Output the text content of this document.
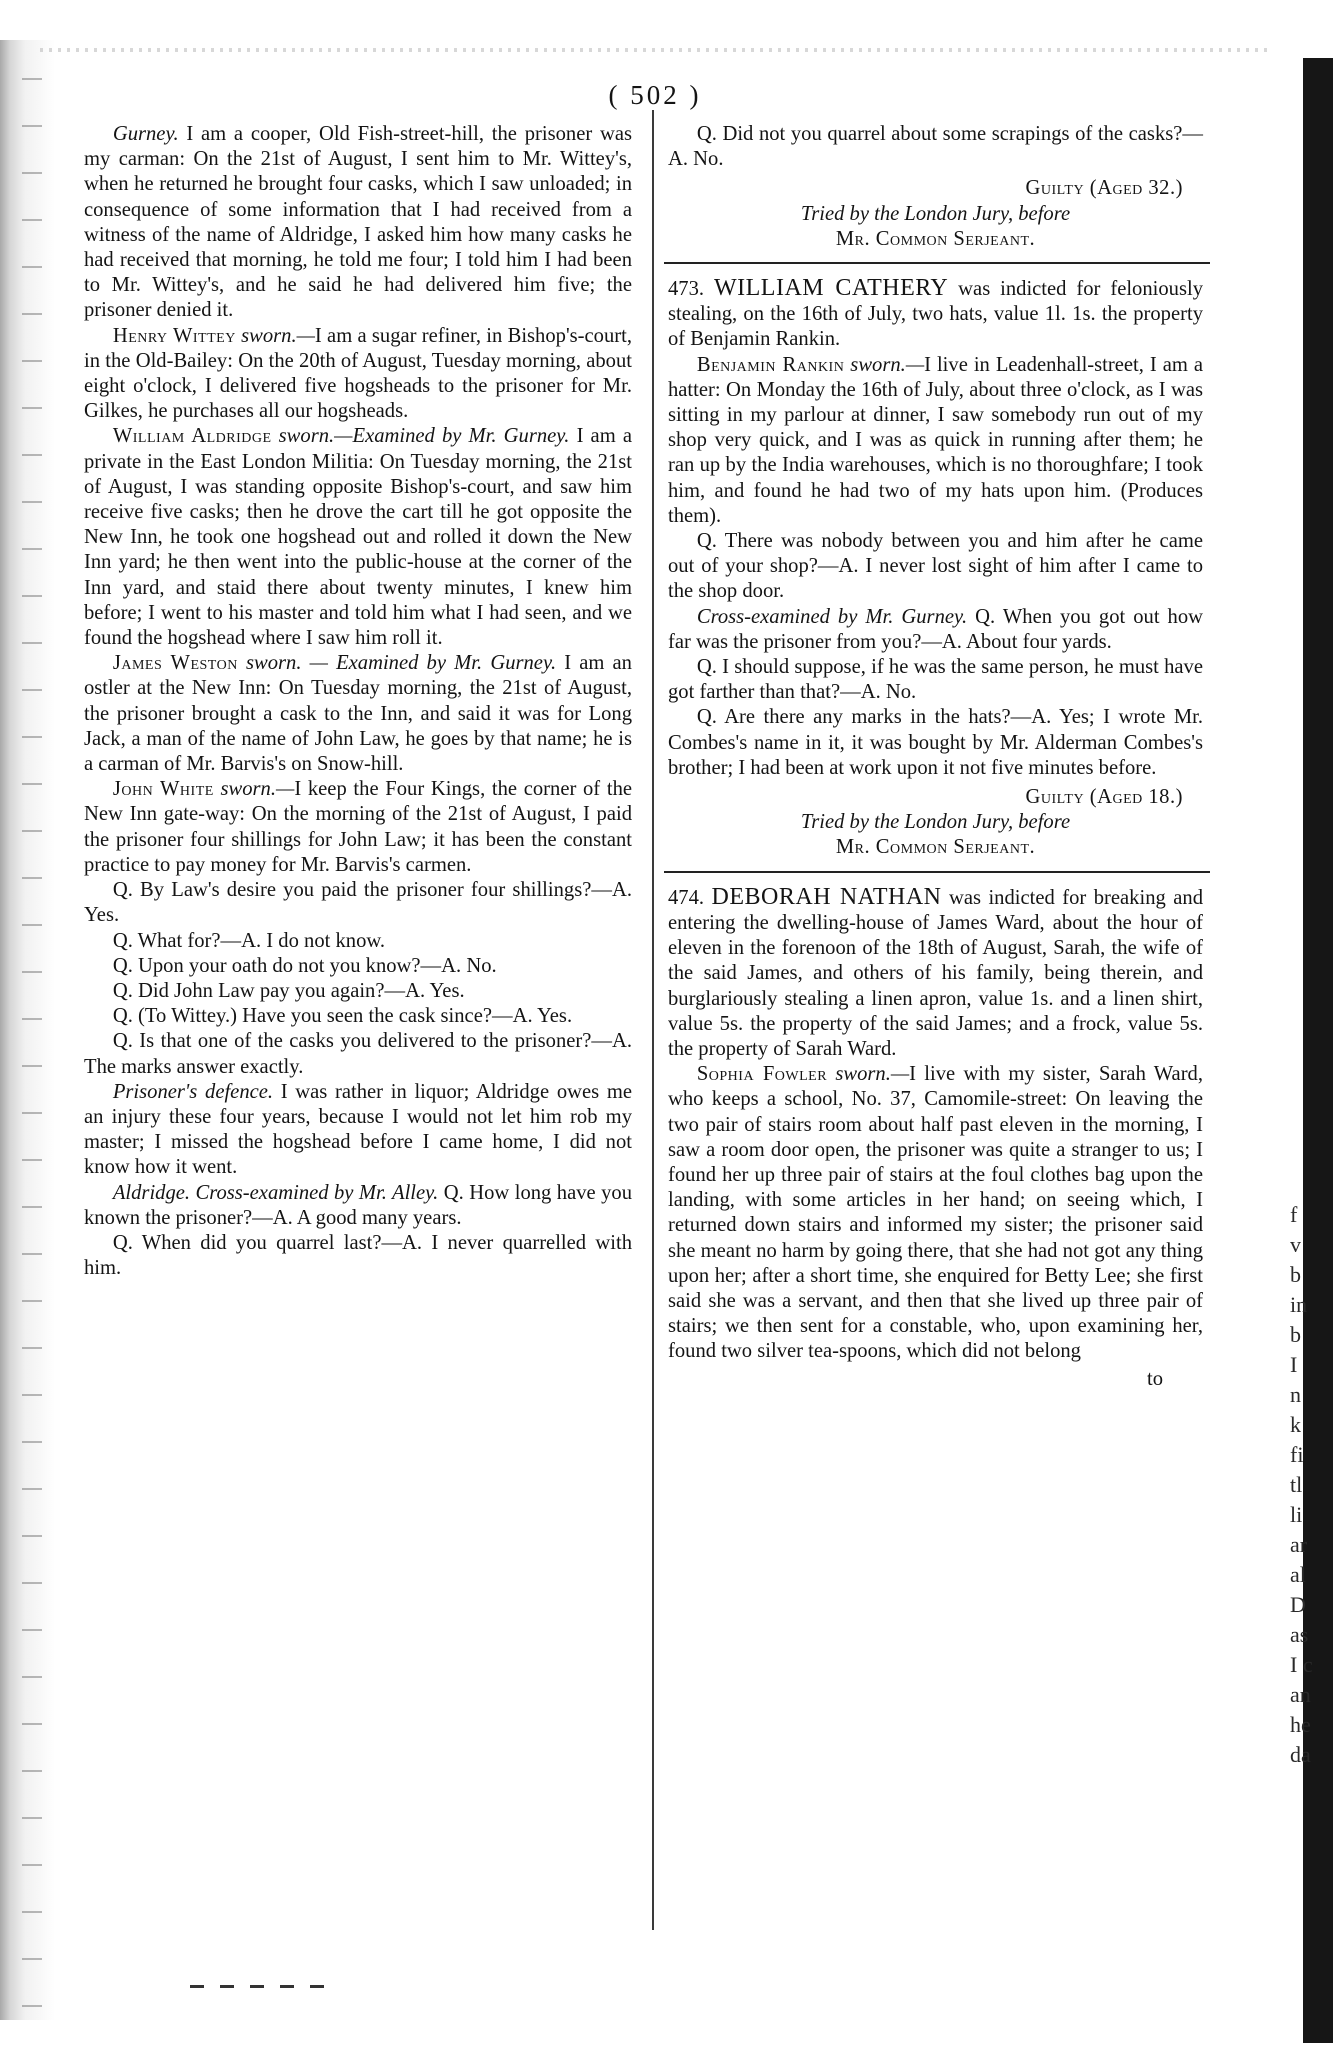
( 502 )

Gurney. I am a cooper, Old Fish-street-hill, the prisoner was my carman: On the 21st of August, I sent him to Mr. Wittey's, when he returned he brought four casks, which I saw unloaded; in consequence of some information that I had received from a witness of the name of Aldridge, I asked him how many casks he had received that morning, he told me four; I told him I had been to Mr. Wittey's, and he said he had delivered him five; the prisoner denied it.

Henry Wittey sworn.—I am a sugar refiner, in Bishop's-court, in the Old-Bailey: On the 20th of August, Tuesday morning, about eight o'clock, I delivered five hogsheads to the prisoner for Mr. Gilkes, he purchases all our hogsheads.

William Aldridge sworn.—Examined by Mr. Gurney. I am a private in the East London Militia: On Tuesday morning, the 21st of August, I was standing opposite Bishop's-court, and saw him receive five casks; then he drove the cart till he got opposite the New Inn, he took one hogshead out and rolled it down the New Inn yard; he then went into the public-house at the corner of the Inn yard, and staid there about twenty minutes, I knew him before; I went to his master and told him what I had seen, and we found the hogshead where I saw him roll it.

James Weston sworn. — Examined by Mr. Gurney. I am an ostler at the New Inn: On Tuesday morning, the 21st of August, the prisoner brought a cask to the Inn, and said it was for Long Jack, a man of the name of John Law, he goes by that name; he is a carman of Mr. Barvis's on Snow-hill.

John White sworn.—I keep the Four Kings, the corner of the New Inn gate-way: On the morning of the 21st of August, I paid the prisoner four shillings for John Law; it has been the constant practice to pay money for Mr. Barvis's carmen.

Q. By Law's desire you paid the prisoner four shillings?—A. Yes.

Q. What for?—A. I do not know.

Q. Upon your oath do not you know?—A. No.

Q. Did John Law pay you again?—A. Yes.

Q. (To Wittey.) Have you seen the cask since?—A. Yes.

Q. Is that one of the casks you delivered to the prisoner?—A. The marks answer exactly.

Prisoner's defence. I was rather in liquor; Aldridge owes me an injury these four years, because I would not let him rob my master; I missed the hogshead before I came home, I did not know how it went.

Aldridge. Cross-examined by Mr. Alley. Q. How long have you known the prisoner?—A. A good many years.

Q. When did you quarrel last?—A. I never quarrelled with him.

Q. Did not you quarrel about some scrapings of the casks?—A. No.

Guilty (Aged 32.)
Tried by the London Jury, before
Mr. Common Serjeant.

473. WILLIAM CATHERY was indicted for feloniously stealing, on the 16th of July, two hats, value 1l. 1s. the property of Benjamin Rankin.

Benjamin Rankin sworn.—I live in Leadenhall-street, I am a hatter: On Monday the 16th of July, about three o'clock, as I was sitting in my parlour at dinner, I saw somebody run out of my shop very quick, and I was as quick in running after them; he ran up by the India warehouses, which is no thoroughfare; I took him, and found he had two of my hats upon him. (Produces them).

Q. There was nobody between you and him after he came out of your shop?—A. I never lost sight of him after I came to the shop door.

Cross-examined by Mr. Gurney. Q. When you got out how far was the prisoner from you?—A. About four yards.

Q. I should suppose, if he was the same person, he must have got farther than that?—A. No.

Q. Are there any marks in the hats?—A. Yes; I wrote Mr. Combes's name in it, it was bought by Mr. Alderman Combes's brother; I had been at work upon it not five minutes before.

Guilty (Aged 18.)
Tried by the London Jury, before
Mr. Common Serjeant.

474. DEBORAH NATHAN was indicted for breaking and entering the dwelling-house of James Ward, about the hour of eleven in the forenoon of the 18th of August, Sarah, the wife of the said James, and others of his family, being therein, and burglariously stealing a linen apron, value 1s. and a linen shirt, value 5s. the property of the said James; and a frock, value 5s. the property of Sarah Ward.

Sophia Fowler sworn.—I live with my sister, Sarah Ward, who keeps a school, No. 37, Camomile-street: On leaving the two pair of stairs room about half past eleven in the morning, I saw a room door open, the prisoner was quite a stranger to us; I found her up three pair of stairs at the foul clothes bag upon the landing, with some articles in her hand; on seeing which, I returned down stairs and informed my sister; the prisoner said she meant no harm by going there, that she had not got any thing upon her; after a short time, she enquired for Betty Lee; she first said she was a servant, and then that she lived up three pair of stairs; we then sent for a constable, who, upon examining her, found two silver tea-spoons, which did not belong

to
f
v
b
in
b
I
n
k
fi
tl
li
ar
al
D
as
I c
an
he
da
